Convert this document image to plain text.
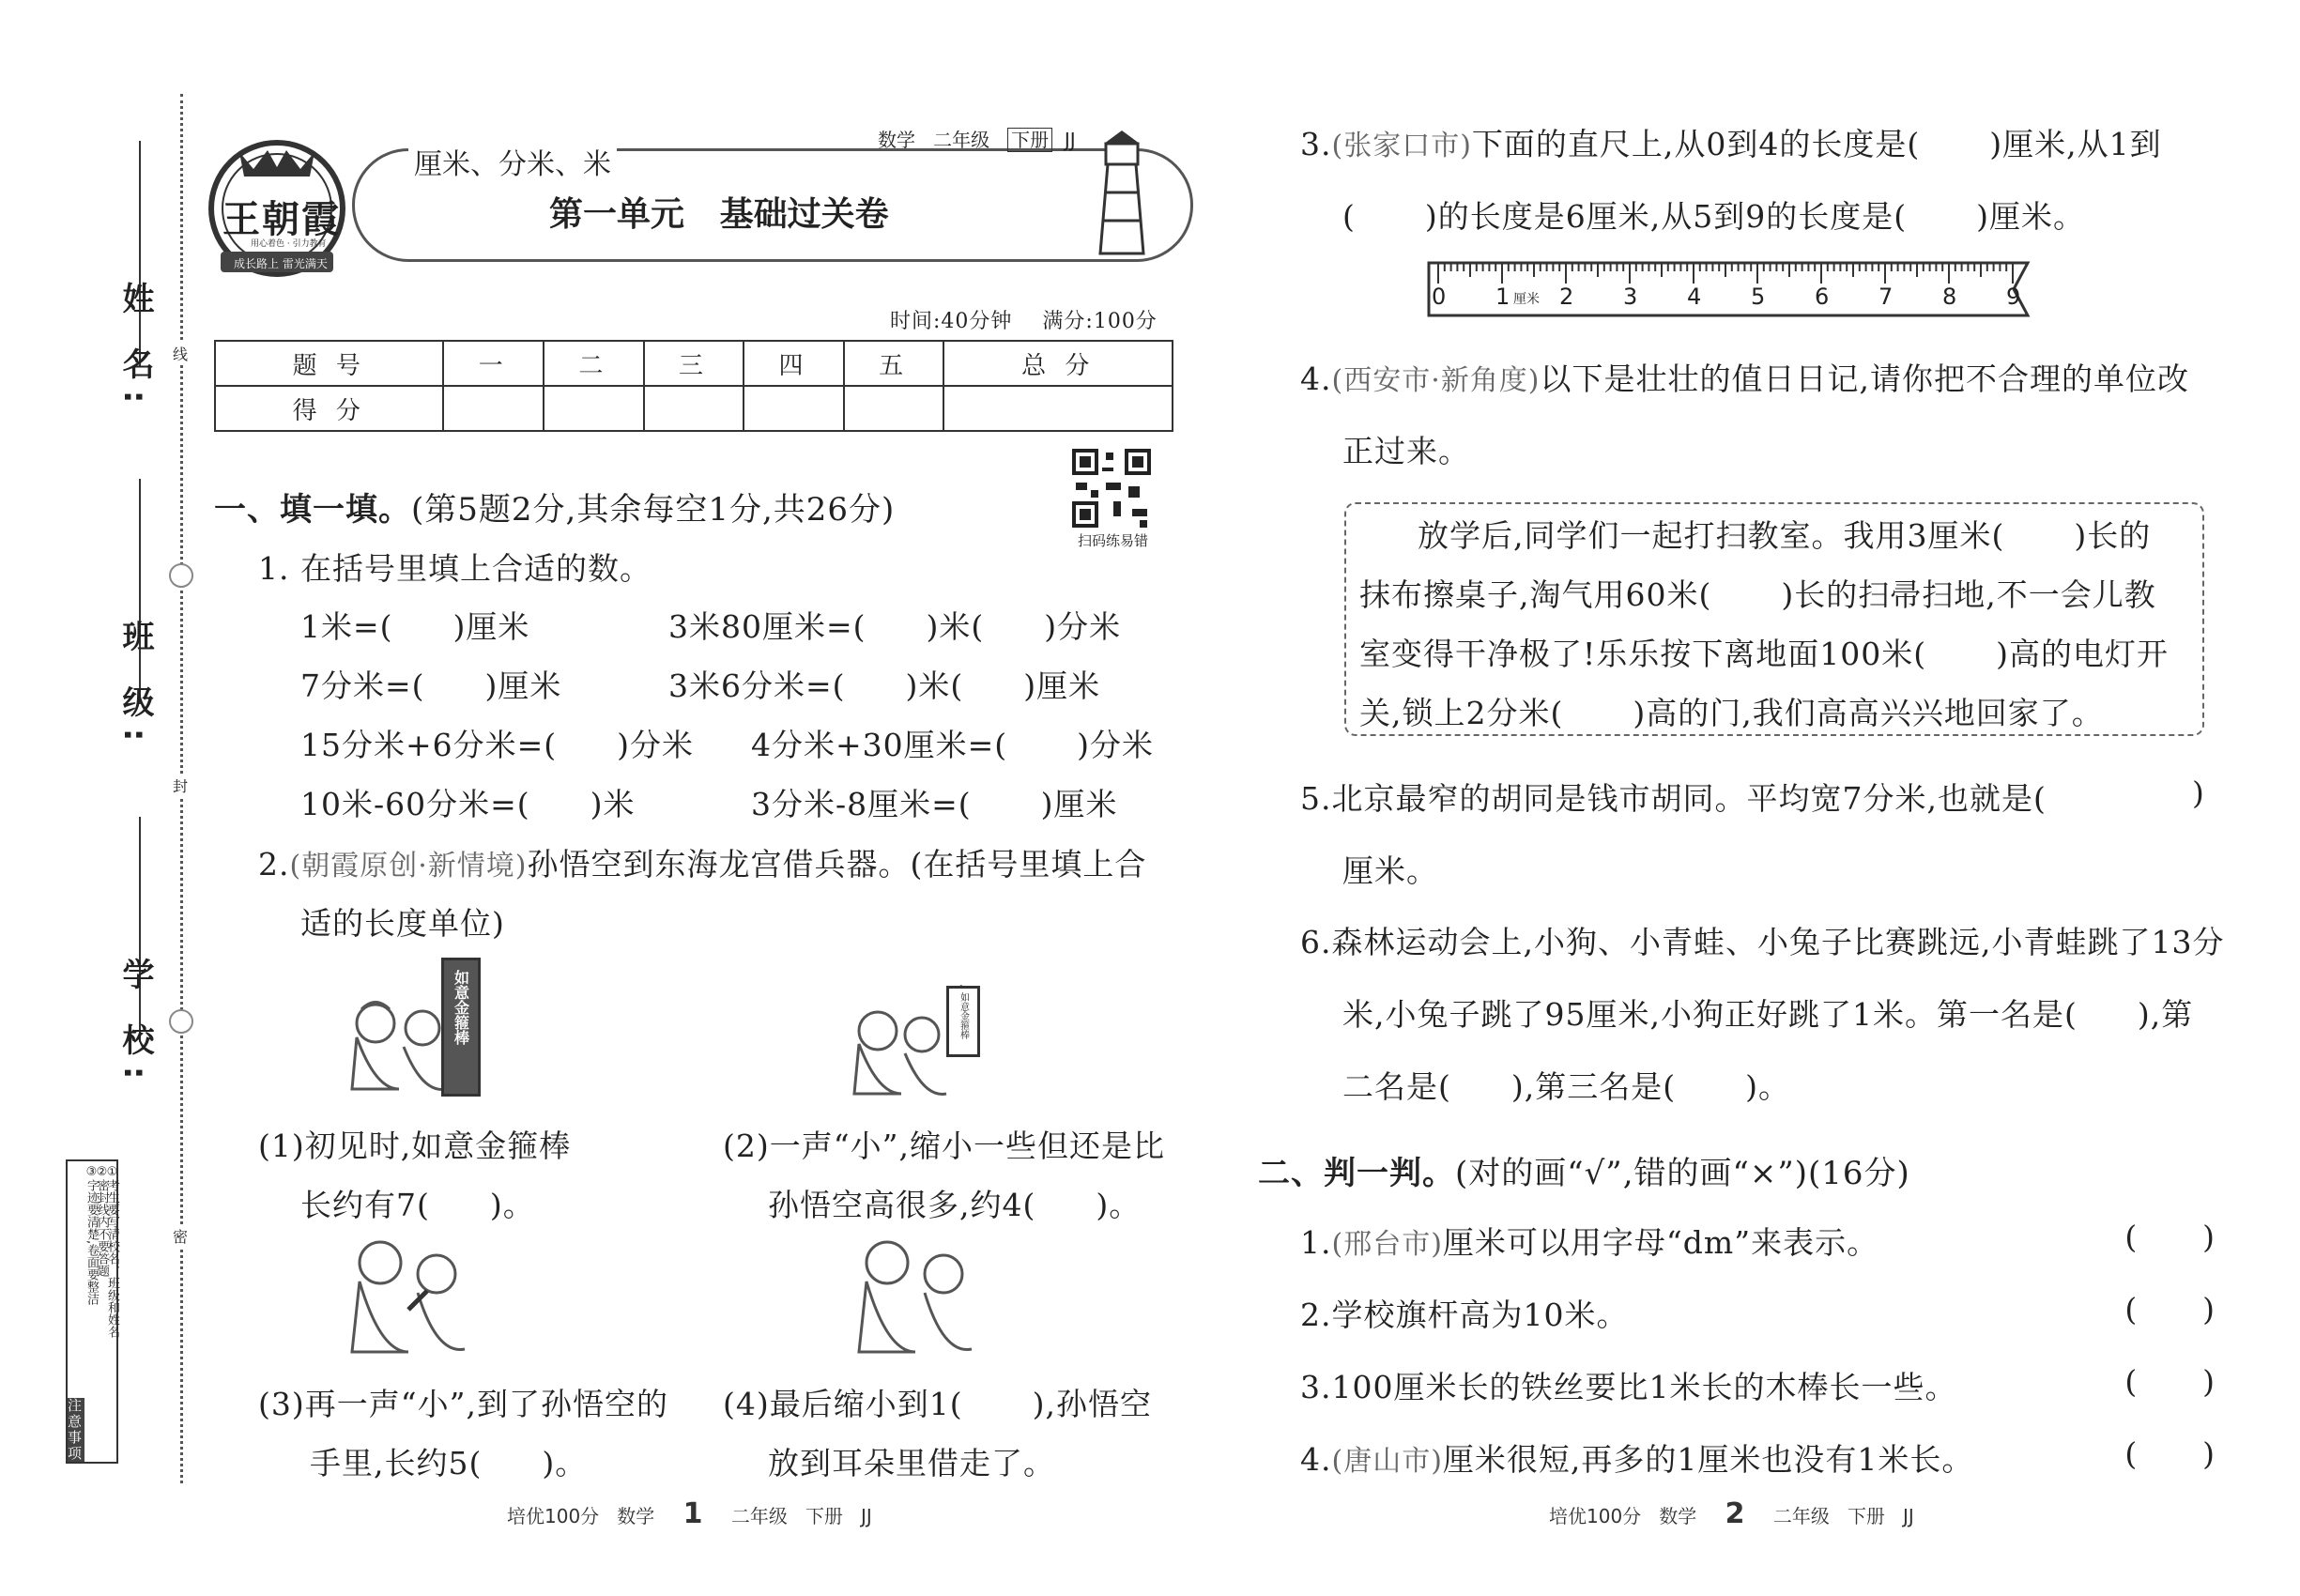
姓 名:
班 级:
学 校:
线
封
密
注意事项
①考生要写清校名、班级和姓名
②密封线内不要答题
③字迹要清楚,卷面要整洁
王朝霞
用心着色 · 引力教育
成长路上 雷光满天
厘米、分米、米
数学 二年级 下册 JJ
第一单元   基础过关卷
时间:40分钟 满分:100分
题 号	一	二	三	四	五	总 分
得 分						
扫码练易错
一、填一填。(第5题2分,其余每空1分,共26分)
1. 在括号里填上合适的数。
1米=( )厘米	3米80厘米=( )米( )分米
7分米=( )厘米	3米6分米=( )米( )厘米
15分米+6分米=( )分米 4分米+30厘米=( )分米
10米-60分米=( )米	3分米-8厘米=( )厘米
2.(朝霞原创·新情境)孙悟空到东海龙宫借兵器。(在括号里填上合
适的长度单位)
如意金箍棒	如意金箍棒
(1)初见时,如意金箍棒
长约有7( )。
(2)一声“小”,缩小一些但还是比
孙悟空高很多,约4( )。
(3)再一声“小”,到了孙悟空的
手里,长约5( )。
(4)最后缩小到1( ),孙悟空
放到耳朵里借走了。
培优100分 数学 1 二年级 下册 JJ
3.(张家口市)下面的直尺上,从0到4的长度是( )厘米,从1到
( )的长度是6厘米,从5到9的长度是( )厘米。
0 1 厘米 2 3 4 5 6 7 8 9
4.(西安市·新角度)以下是壮壮的值日日记,请你把不合理的单位改
正过来。
放学后,同学们一起打扫教室。我用3厘米( )长的
抹布擦桌子,淘气用60米( )长的扫帚扫地,不一会儿教
室变得干净极了!乐乐按下离地面100米( )高的电灯开
关,锁上2分米( )高的门,我们高高兴兴地回家了。
5.北京最窄的胡同是钱市胡同。平均宽7分米,也就是(	)
厘米。
6.森林运动会上,小狗、小青蛙、小兔子比赛跳远,小青蛙跳了13分
米,小兔子跳了95厘米,小狗正好跳了1米。第一名是( ),第
二名是( ),第三名是( )。
二、判一判。(对的画“√”,错的画“×”)(16分)
1.(邢台市)厘米可以用字母“dm”来表示。	(      )
2.学校旗杆高为10米。	(      )
3.100厘米长的铁丝要比1米长的木棒长一些。	(      )
4.(唐山市)厘米很短,再多的1厘米也没有1米长。	(      )
培优100分 数学 2 二年级 下册 JJ
